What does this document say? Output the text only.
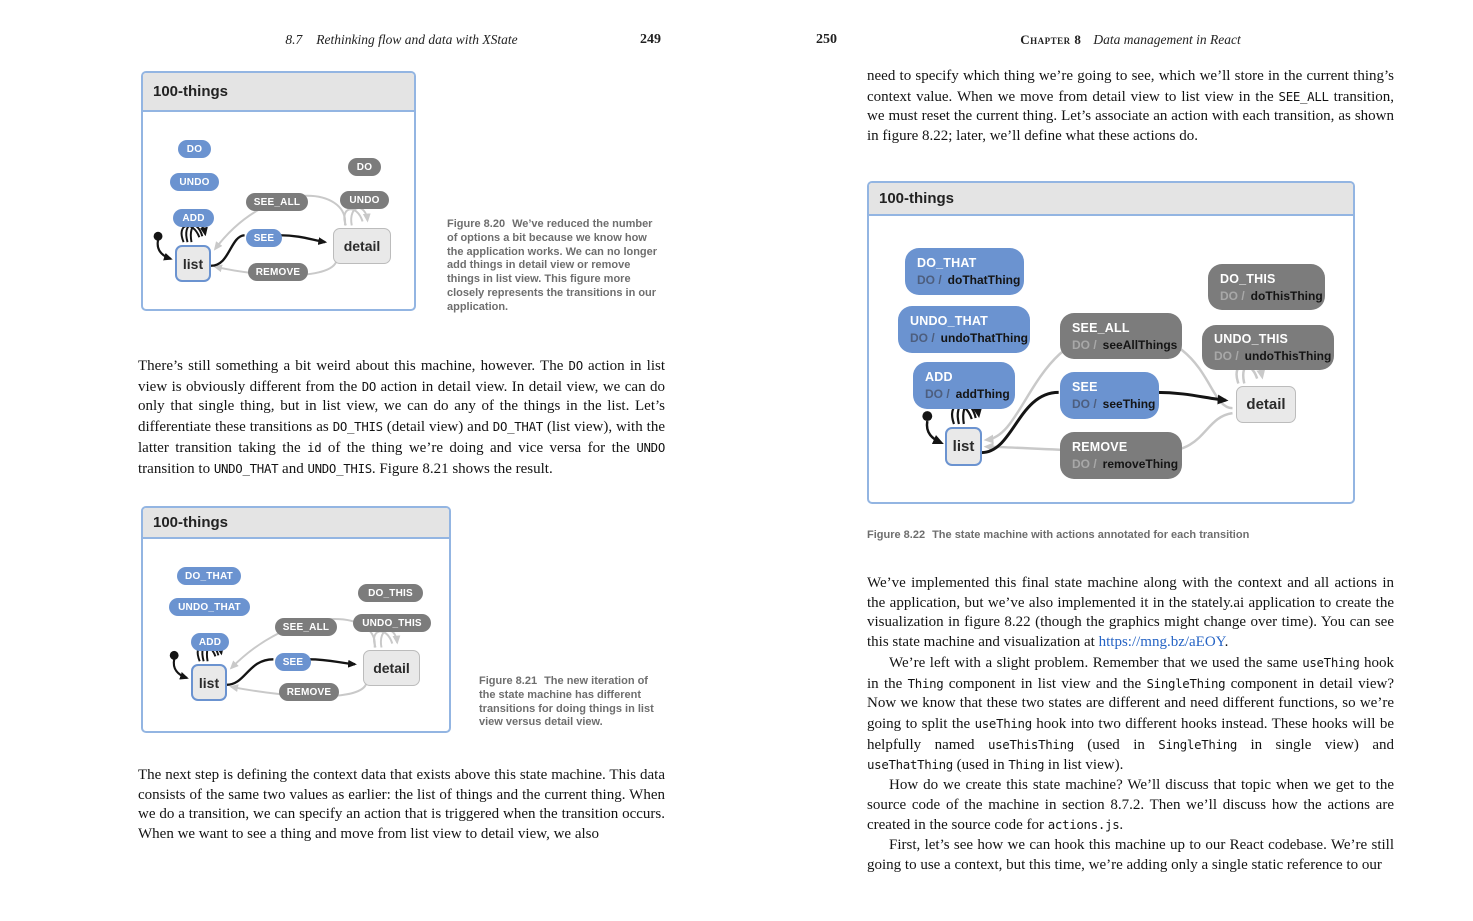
8.7 Rethinking flow and data with XState	249
100-things
DO
UNDO
ADD
SEE_ALL
SEE
REMOVE
DO
UNDO
detail
list
Figure 8.20 We’ve reduced the number of options a bit because we know how the application works. We can no longer add things in detail view or remove things in list view. This figure more closely represents the transitions in our application.
There’s still something a bit weird about this machine, however. The DO action in list view is obviously different from the DO action in detail view. In detail view, we can do only that single thing, but in list view, we can do any of the things in the list. Let’s differentiate these transitions as DO_THIS (detail view) and DO_THAT (list view), with the latter transition taking the id of the thing we’re doing and vice versa for the UNDO transition to UNDO_THAT and UNDO_THIS. Figure 8.21 shows the result.
100-things
DO_THAT
UNDO_THAT
ADD
SEE_ALL
SEE
REMOVE
DO_THIS
UNDO_THIS
detail
list	Figure 8.21 The new iteration of the state machine has different transitions for doing things in list view versus detail view.
The next step is defining the context data that exists above this state machine. This data consists of the same two values as earlier: the list of things and the current thing. When we do a transition, we can specify an action that is triggered when the transition occurs. When we want to see a thing and move from list view to detail view, we also
250	Chapter 8 Data management in React
need to specify which thing we’re going to see, which we’ll store in the current thing’s context value. When we move from detail view to list view in the SEE_ALL transition, we must reset the current thing. Let’s associate an action with each transition, as shown in figure 8.22; later, we’ll define what these actions do.
100-things
DO_THAT
DO / doThatThing
UNDO_THAT
DO / undoThatThing
ADD
DO / addThing
SEE_ALL
DO / seeAllThings
SEE
DO / seeThing
REMOVE
DO / removeThing
DO_THIS
DO / doThisThing
UNDO_THIS
DO / undoThisThing
detail
list
Figure 8.22 The state machine with actions annotated for each transition

We’ve implemented this final state machine along with the context and all actions in the application, but we’ve also implemented it in the stately.ai application to create the visualization in figure 8.22 (though the graphics might change over time). You can see this state machine and visualization at https://mng.bz/aEOY.

We’re left with a slight problem. Remember that we used the same useThing hook in the Thing component in list view and the SingleThing component in detail view? Now we know that these two states are different and need different functions, so we’re going to split the useThing hook into two different hooks instead. These hooks will be helpfully named useThisThing (used in SingleThing in single view) and useThatThing (used in Thing in list view).

How do we create this state machine? We’ll discuss that topic when we get to the source code of the machine in section 8.7.2. Then we’ll discuss how the actions are created in the source code for actions.js.

First, let’s see how we can hook this machine up to our React codebase. We’re still going to use a context, but this time, we’re adding only a single static reference to our
